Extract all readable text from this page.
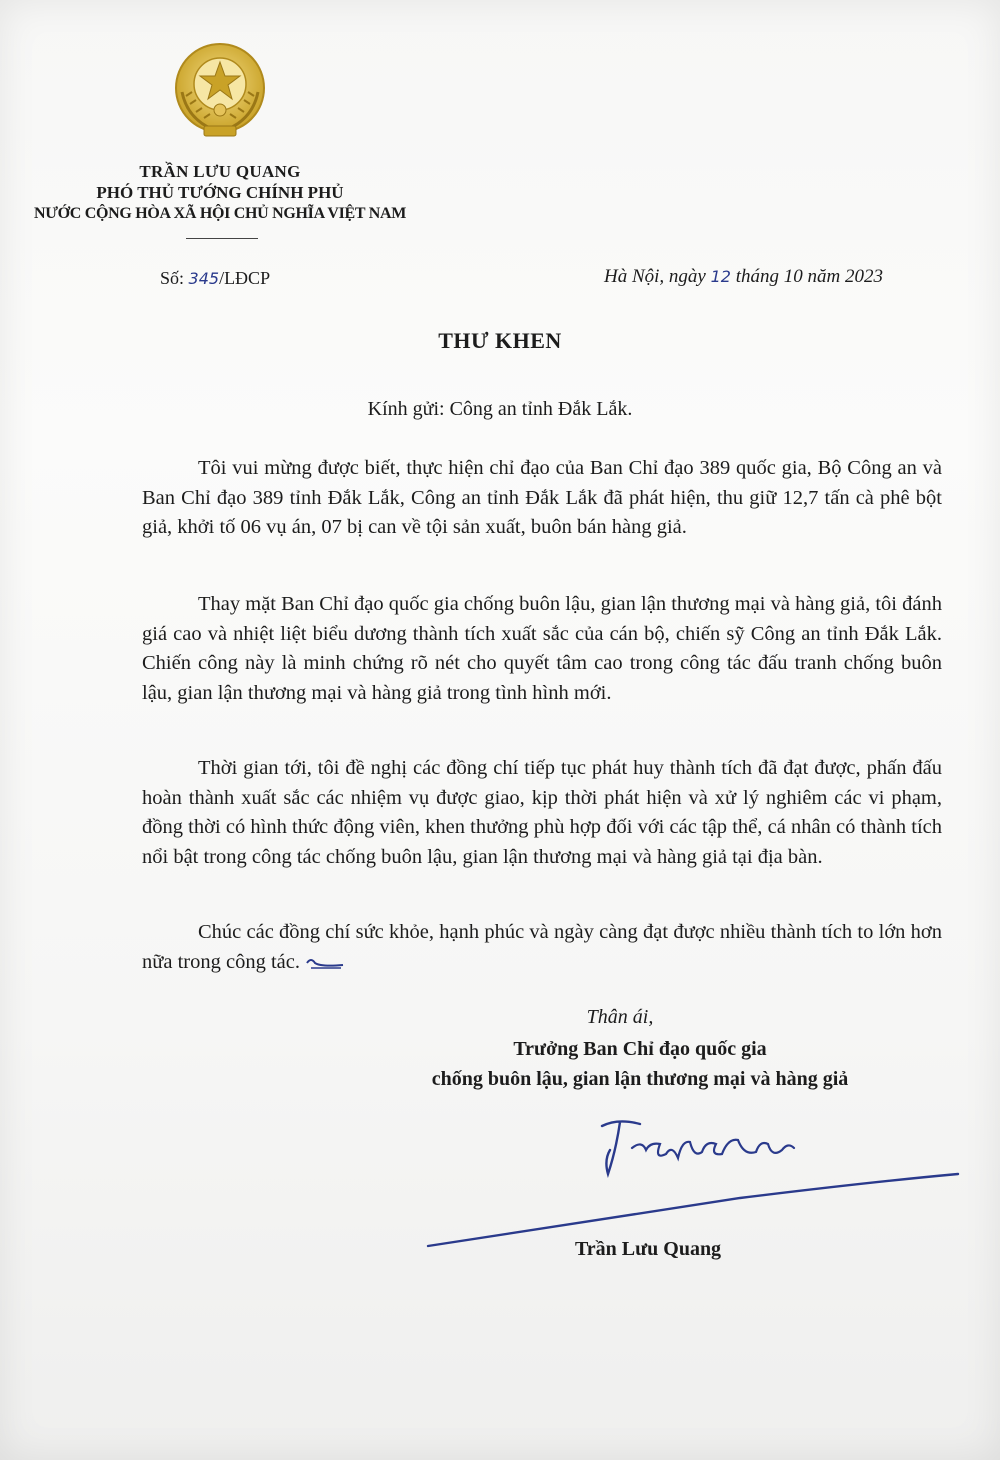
TRẦN LƯU QUANG
PHÓ THỦ TƯỚNG CHÍNH PHỦ
NƯỚC CỘNG HÒA XÃ HỘI CHỦ NGHĨA VIỆT NAM
Số: 345/LĐCP	Hà Nội, ngày 12 tháng 10 năm 2023
THƯ KHEN
Kính gửi: Công an tỉnh Đắk Lắk.

Tôi vui mừng được biết, thực hiện chỉ đạo của Ban Chỉ đạo 389 quốc gia, Bộ Công an và Ban Chỉ đạo 389 tỉnh Đắk Lắk, Công an tỉnh Đắk Lắk đã phát hiện, thu giữ 12,7 tấn cà phê bột giả, khởi tố 06 vụ án, 07 bị can về tội sản xuất, buôn bán hàng giả.

Thay mặt Ban Chỉ đạo quốc gia chống buôn lậu, gian lận thương mại và hàng giả, tôi đánh giá cao và nhiệt liệt biểu dương thành tích xuất sắc của cán bộ, chiến sỹ Công an tỉnh Đắk Lắk. Chiến công này là minh chứng rõ nét cho quyết tâm cao trong công tác đấu tranh chống buôn lậu, gian lận thương mại và hàng giả trong tình hình mới.

Thời gian tới, tôi đề nghị các đồng chí tiếp tục phát huy thành tích đã đạt được, phấn đấu hoàn thành xuất sắc các nhiệm vụ được giao, kịp thời phát hiện và xử lý nghiêm các vi phạm, đồng thời có hình thức động viên, khen thưởng phù hợp đối với các tập thể, cá nhân có thành tích nổi bật trong công tác chống buôn lậu, gian lận thương mại và hàng giả tại địa bàn.

Chúc các đồng chí sức khỏe, hạnh phúc và ngày càng đạt được nhiều thành tích to lớn hơn nữa trong công tác.

Thân ái,
Trưởng Ban Chỉ đạo quốc gia
chống buôn lậu, gian lận thương mại và hàng giả
Trần Lưu Quang
